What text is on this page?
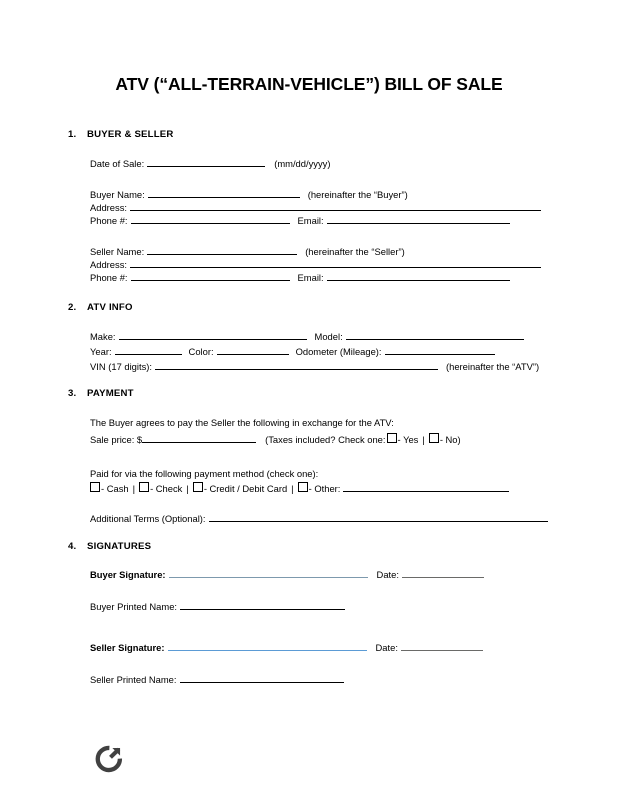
ATV (“ALL-TERRAIN-VEHICLE”) BILL OF SALE
1. BUYER & SELLER
Date of Sale:	(mm/dd/yyyy)
Buyer Name:	(hereinafter the “Buyer”)
Address:
Phone #:	Email:
Seller Name:	(hereinafter the “Seller”)
Address:
Phone #:	Email:
2. ATV INFO
Make:	Model:
Year:	Color:	Odometer (Mileage):
VIN (17 digits):	(hereinafter the “ATV”)
3. PAYMENT
The Buyer agrees to pay the Seller the following in exchange for the ATV:
Sale price: $	(Taxes included? Check one: - Yes |	- No)
Paid for via the following payment method (check one):
- Cash |	- Check |	- Credit / Debit Card |	- Other:
Additional Terms (Optional):
4. SIGNATURES
Buyer Signature:	Date:
Buyer Printed Name:
Seller Signature:	Date:
Seller Printed Name:
